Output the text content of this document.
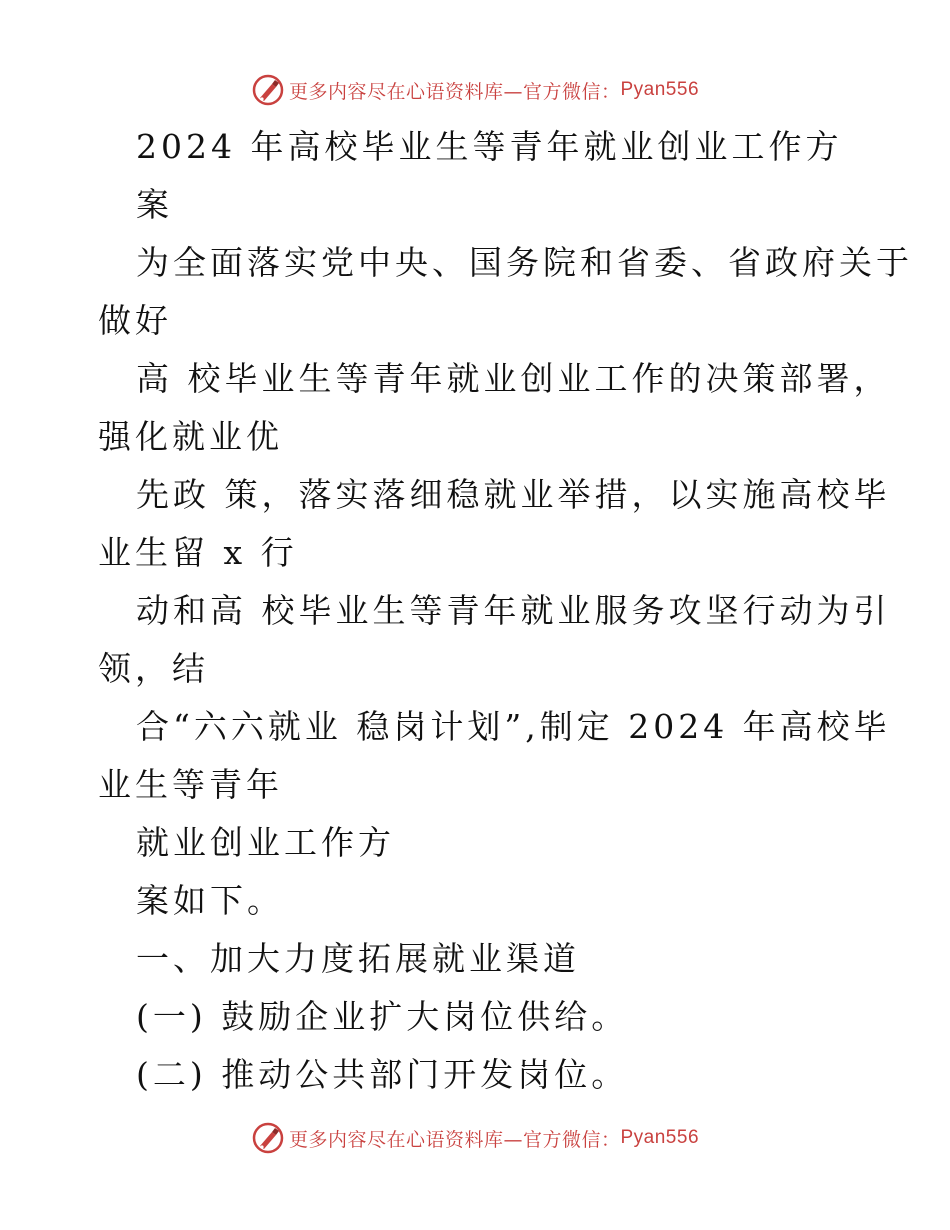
更多内容尽在心语资料库—官方微信： Pyan556
2024 年高校毕业生等青年就业创业工作方
案
为全面落实党中央、国务院和省委、省政府关于
做好
高 校毕业生等青年就业创业工作的决策部署，
强化就业优
先政 策，落实落细稳就业举措，以实施高校毕
业生留 x 行
动和高 校毕业生等青年就业服务攻坚行动为引
领，结
合“六六就业 稳岗计划”,制定 2024 年高校毕
业生等青年
就业创业工作方
案如下。
一、加大力度拓展就业渠道
(一) 鼓励企业扩大岗位供给。
(二) 推动公共部门开发岗位。
更多内容尽在心语资料库—官方微信： Pyan556
